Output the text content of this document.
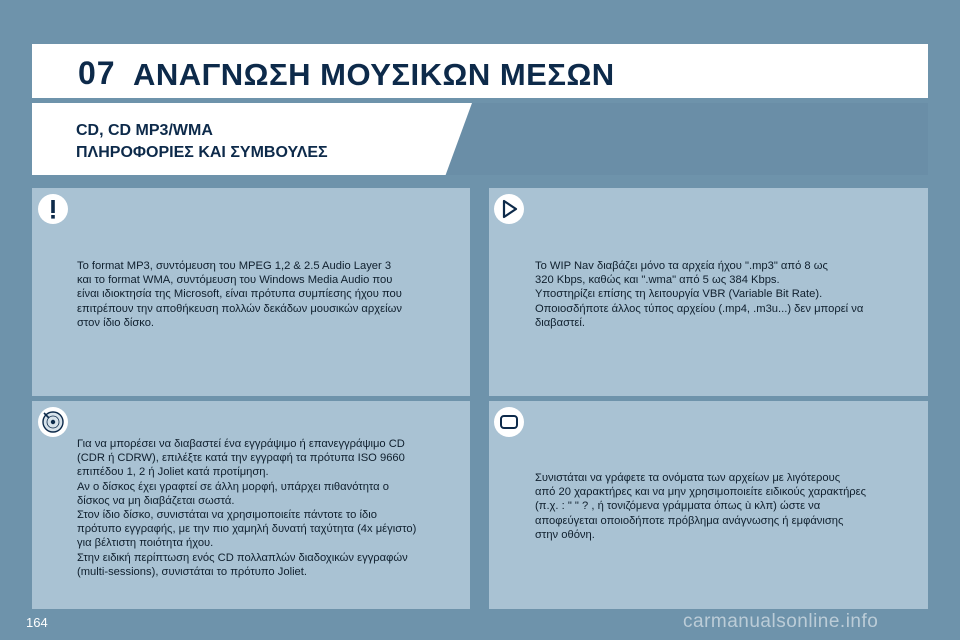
07 ΑΝΑΓΝΩΣΗ ΜΟΥΣΙΚΩΝ ΜΕΣΩΝ
CD, CD MP3/WMA
ΠΛΗΡΟΦΟΡΙΕΣ ΚΑΙ ΣΥΜΒΟΥΛΕΣ
Το format MP3, συντόμευση του MPEG 1,2 & 2.5 Audio Layer 3
και το format WMA, συντόμευση του Windows Media Audio που
είναι ιδιοκτησία της Microsoft, είναι πρότυπα συμπίεσης ήχου που
επιτρέπουν την αποθήκευση πολλών δεκάδων μουσικών αρχείων
στον ίδιο δίσκο.
Το WIP Nav διαβάζει μόνο τα αρχεία ήχου ".mp3" από 8 ως
320 Kbps, καθώς και ".wma" από 5 ως 384 Kbps.
Υποστηρίζει επίσης τη λειτουργία VBR (Variable Bit Rate).
Οποιοσδήποτε άλλος τύπος αρχείου (.mp4, .m3u...) δεν μπορεί να
διαβαστεί.
Για να μπορέσει να διαβαστεί ένα εγγράψιμο ή επανεγγράψιμο CD
(CDR ή CDRW), επιλέξτε κατά την εγγραφή τα πρότυπα ISO 9660
επιπέδου 1, 2 ή Joliet κατά προτίμηση.
Αν ο δίσκος έχει γραφτεί σε άλλη μορφή, υπάρχει πιθανότητα ο
δίσκος να μη διαβάζεται σωστά.
Στον ίδιο δίσκο, συνιστάται να χρησιμοποιείτε πάντοτε το ίδιο
πρότυπο εγγραφής, με την πιο χαμηλή δυνατή ταχύτητα (4x μέγιστο)
για βέλτιστη ποιότητα ήχου.
Στην ειδική περίπτωση ενός CD πολλαπλών διαδοχικών εγγραφών
(multi-sessions), συνιστάται το πρότυπο Joliet.
Συνιστάται να γράφετε τα ονόματα των αρχείων με λιγότερους
από 20 χαρακτήρες και να μην χρησιμοποιείτε ειδικούς χαρακτήρες
(π.χ. : " " ? , ή τονιζόμενα γράμματα όπως ù κλπ) ώστε να
αποφεύγεται οποιοδήποτε πρόβλημα ανάγνωσης ή εμφάνισης
στην οθόνη.
164	carmanualsonline.info
